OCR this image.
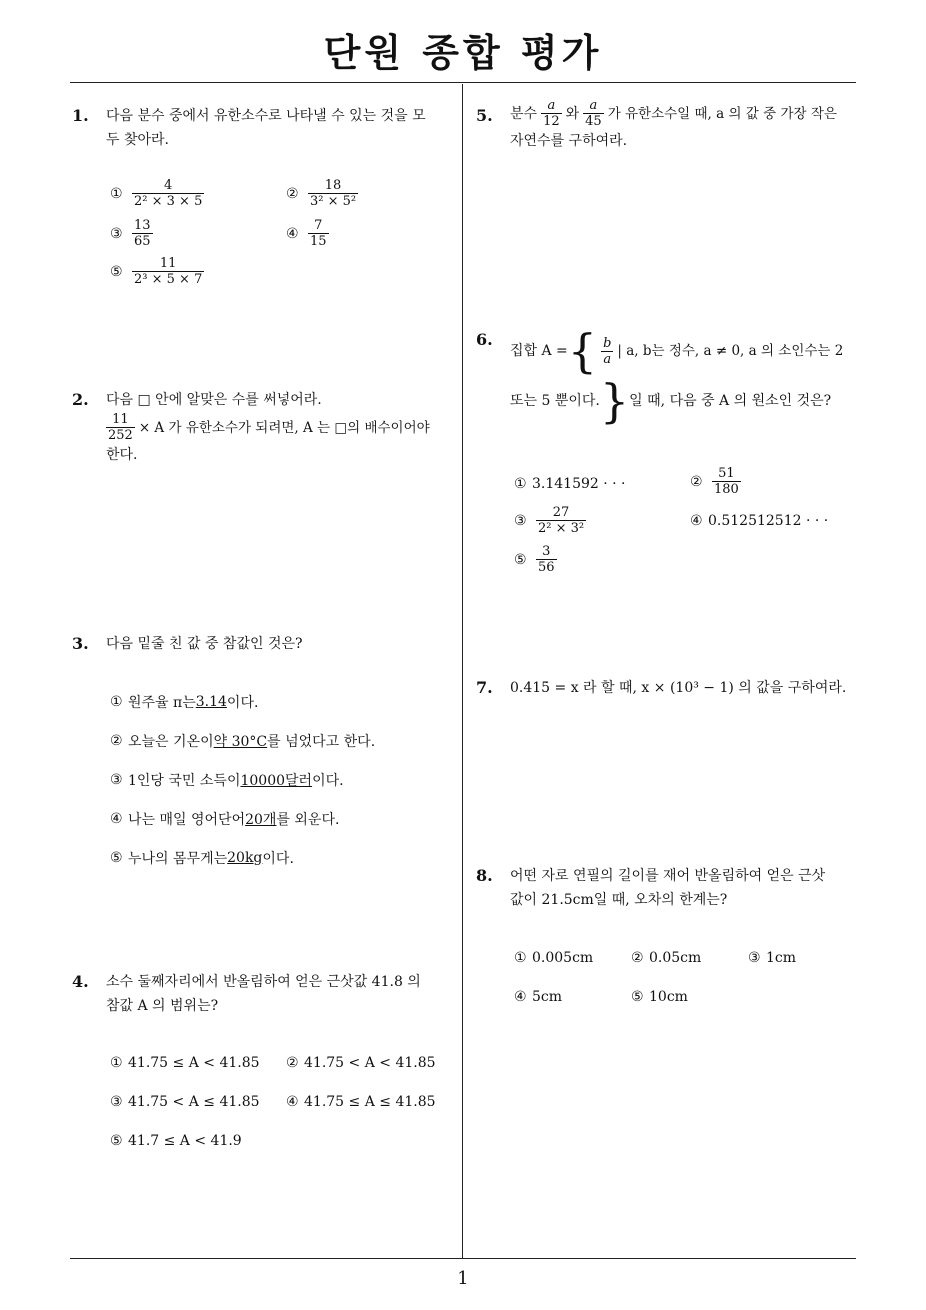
단원 종합 평가
1
1. 다음 분수 중에서 유한소수로 나타낼 수 있는 것을 모
두 찾아라.
① $\frac{4}{\text{2² × 3 × 5}}$	② $\frac{18}{\text{3² × 5²}}$
③ $\frac{13}{65}$	④ $\frac{7}{15}$
⑤ $\frac{11}{\text{2³ × 5 × 7}}$
2. 다음 □ 안에 알맞은 수를 써넣어라.
$\frac{11}{252} \times A$ 가 유한소수가 되려면, A 는 □의 배수이어야
한다.
3. 다음 밑줄 친 값 중 참값인 것은?
① 원주율 π는 3.14 이다.
② 오늘은 기온이 약 30°C 를 넘었다고 한다.
③ 1인당 국민 소득이 10000달러 이다.
④ 나는 매일 영어단어 20개 를 외운다.
⑤ 누나의 몸무게는 20kg 이다.
4. 소수 둘째자리에서 반올림하여 얻은 근삿값 41.8 의
참값 A 의 범위는?
① 41.75 ≤ A < 41.85 ② 41.75 < A < 41.85
③ 41.75 < A ≤ 41.85 ④ 41.75 ≤ A ≤ 41.85
⑤ 41.7 ≤ A < 41.9
5. 분수 $\frac{a}{12}$ 와 $\frac{a}{45}$ 가 유한소수일 때, a 의 값 중 가장 작은
자연수를 구하여라.
6.
집합 A = { $\frac{b}{a}$ | a, b는 정수, a ≠ 0, a 의 소인수는 2
또는 5 뿐이다. } 일 때, 다음 중 A 의 원소인 것은?
① 3.141592 · · ·	② $\frac{51}{180}$
③ $\frac{27}{\text{2² × 3²}}$	④ 0.512512512 · · ·
⑤ $\frac{3}{56}$
7. 0.4̇15̇ = x 라 할 때, x × (10³ − 1) 의 값을 구하여라.
8. 어떤 자로 연필의 길이를 재어 반올림하여 얻은 근삿
값이 21.5cm일 때, 오차의 한계는?
① 0.005cm	② 0.05cm	③ 1cm
④ 5cm	⑤ 10cm
